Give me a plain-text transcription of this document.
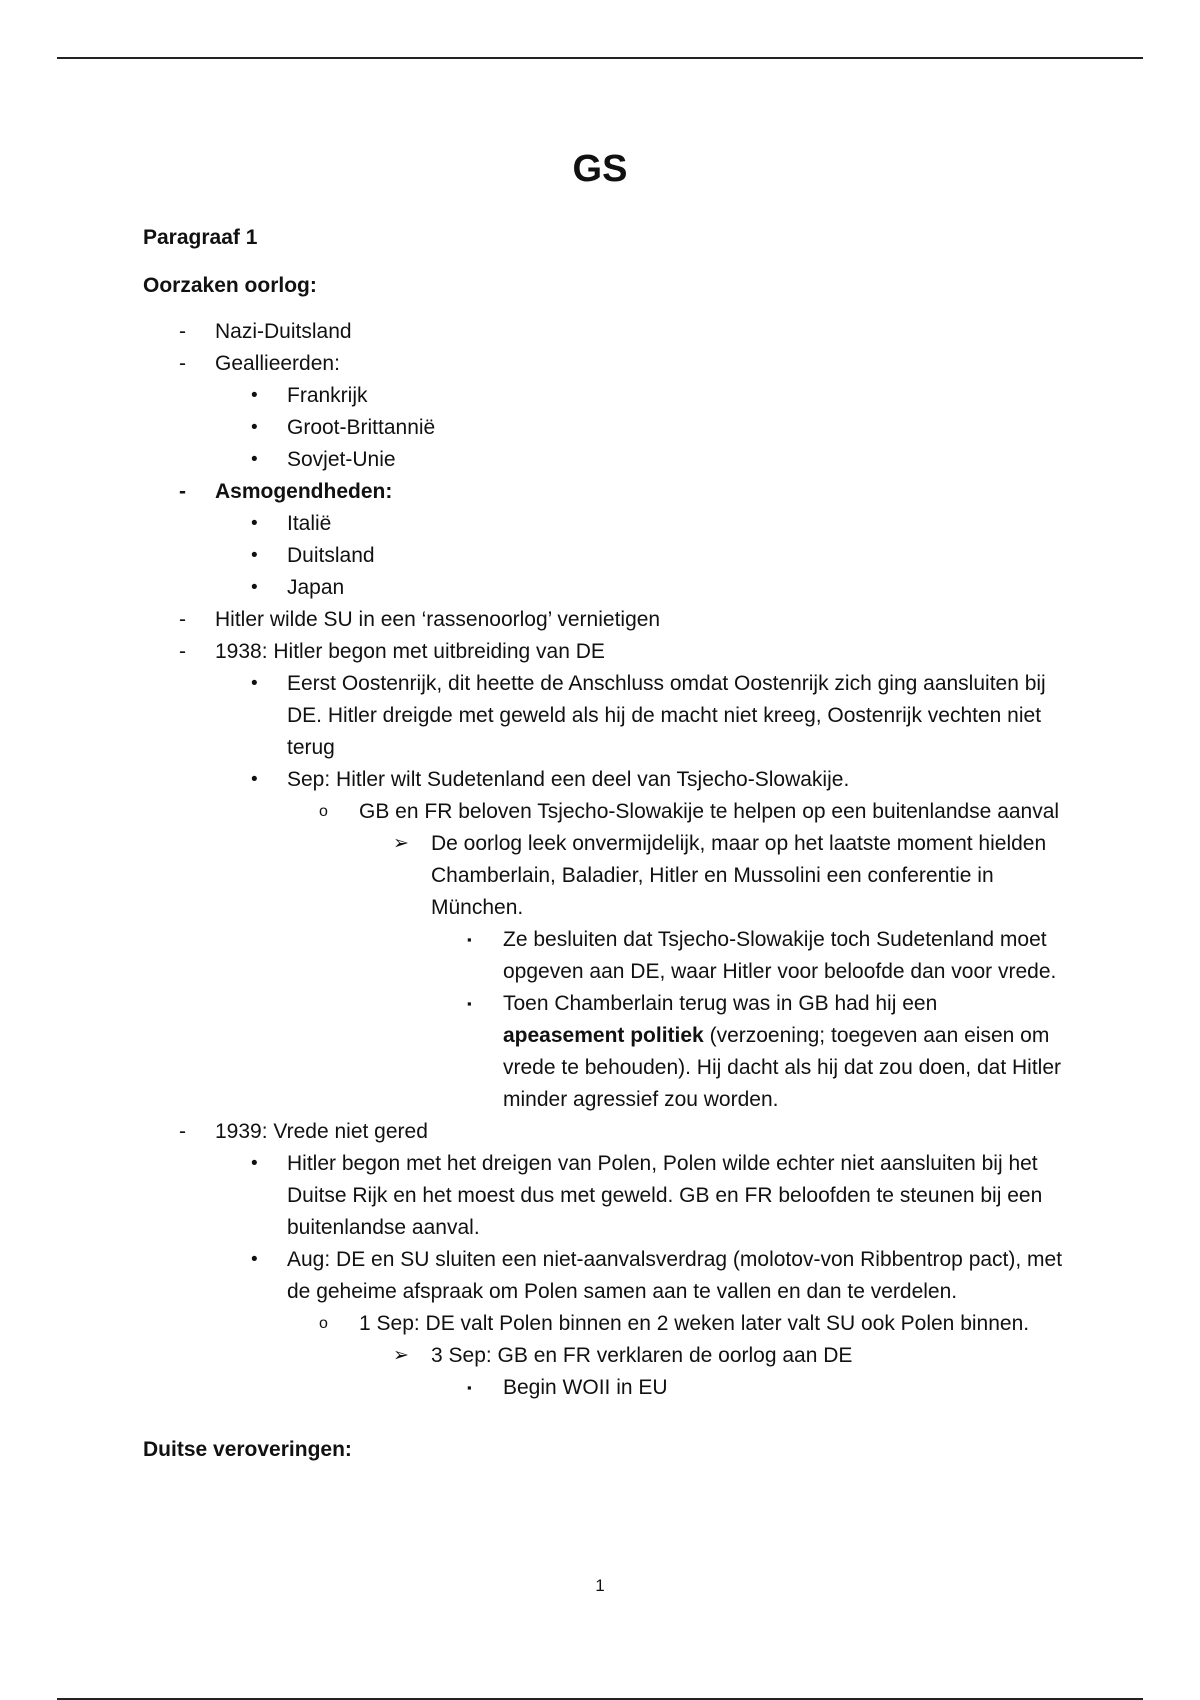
GS

Paragraaf 1

Oorzaken oorlog:

-	Nazi-Duitsland
-	Geallieerden:
•	Frankrijk
•	Groot-Brittannië
•	Sovjet-Unie
-	Asmogendheden:
•	Italië
•	Duitsland
•	Japan
-	Hitler wilde SU in een ‘rassenoorlog’ vernietigen
-	1938: Hitler begon met uitbreiding van DE
•	Eerst Oostenrijk, dit heette de Anschluss omdat Oostenrijk zich ging aansluiten bij DE. Hitler dreigde met geweld als hij de macht niet kreeg, Oostenrijk vechten niet terug
•	Sep: Hitler wilt Sudetenland een deel van Tsjecho-Slowakije.
o	GB en FR beloven Tsjecho-Slowakije te helpen op een buitenlandse aanval
➢	De oorlog leek onvermijdelijk, maar op het laatste moment hielden Chamberlain, Baladier, Hitler en Mussolini een conferentie in München.
▪	Ze besluiten dat Tsjecho-Slowakije toch Sudetenland moet opgeven aan DE, waar Hitler voor beloofde dan voor vrede.
▪	Toen Chamberlain terug was in GB had hij een apeasement politiek (verzoening; toegeven aan eisen om vrede te behouden). Hij dacht als hij dat zou doen, dat Hitler minder agressief zou worden.
-	1939: Vrede niet gered
•	Hitler begon met het dreigen van Polen, Polen wilde echter niet aansluiten bij het Duitse Rijk en het moest dus met geweld. GB en FR beloofden te steunen bij een buitenlandse aanval.
•	Aug: DE en SU sluiten een niet-aanvalsverdrag (molotov-von Ribbentrop pact), met de geheime afspraak om Polen samen aan te vallen en dan te verdelen.
o	1 Sep: DE valt Polen binnen en 2 weken later valt SU ook Polen binnen.
➢	3 Sep: GB en FR verklaren de oorlog aan DE
▪	Begin WOII in EU

Duitse veroveringen:

1
